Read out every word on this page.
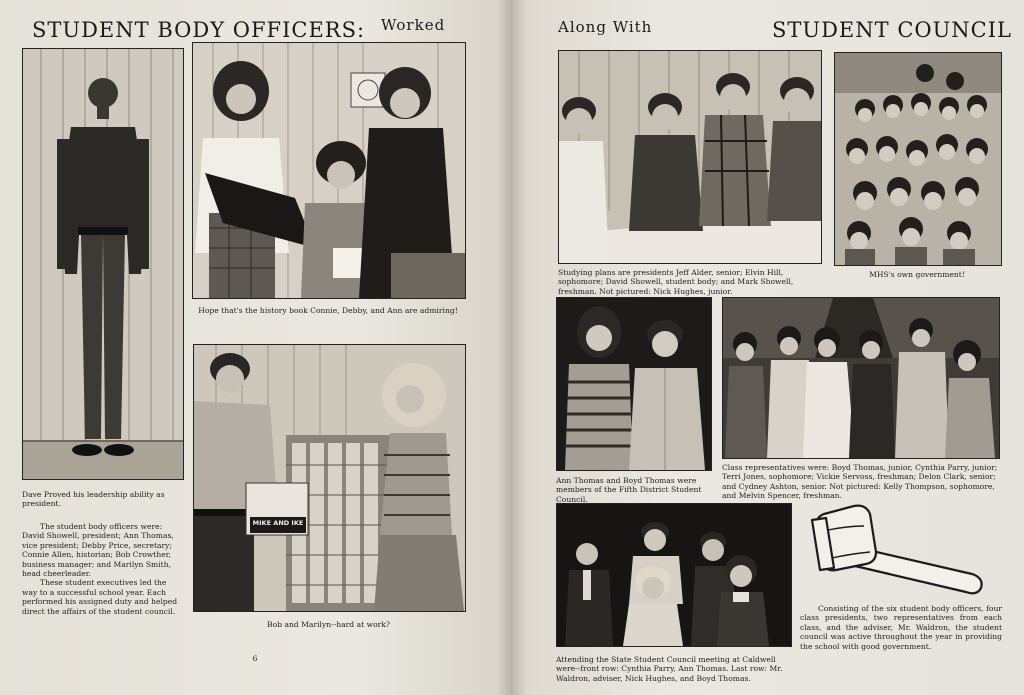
STUDENT BODY OFFICERS: Worked
Hope that's the history book Connie, Debby, and Ann are admiring!
Dave Proved his leadership ability as president.

The student body officers were: David Showell, president; Ann Thomas, vice president; Debby Price, secretary; Connie Allen, historian; Bob Crowther, business manager; and Marilyn Smith, head cheerleader.

These student executives led the way to a successful school year. Each performed his assigned duty and helped direct the affairs of the student council.

MIKE AND IKE
Bob and Marilyn--hard at work?
6
Along With	STUDENT COUNCIL
Studying plans are presidents Jeff Alder, senior; Elvin Hill, sophomore; David Showell, student body; and Mark Showell, freshman. Not pictured: Nick Hughes, junior.
MHS's own government!
Ann Thomas and Boyd Thomas were members of the Fifth District Student Council.
Class representatives were: Boyd Thomas, junior, Cynthia Parry, junior; Terri Jones, sophomore; Vickie Servoss, freshman; Delon Clark, senior; and Cydney Ashton, senior. Not pictured: Kelly Thompson, sophomore, and Melvin Spencer, freshman.
Attending the State Student Council meeting at Caldwell were--front row: Cynthia Parry, Ann Thomas. Last row: Mr. Waldron, adviser, Nick Hughes, and Boyd Thomas.

Consisting of the six student body officers, four class presidents, two representatives from each class, and the adviser, Mr. Waldron, the student council was active throughout the year in providing the school with good government.
